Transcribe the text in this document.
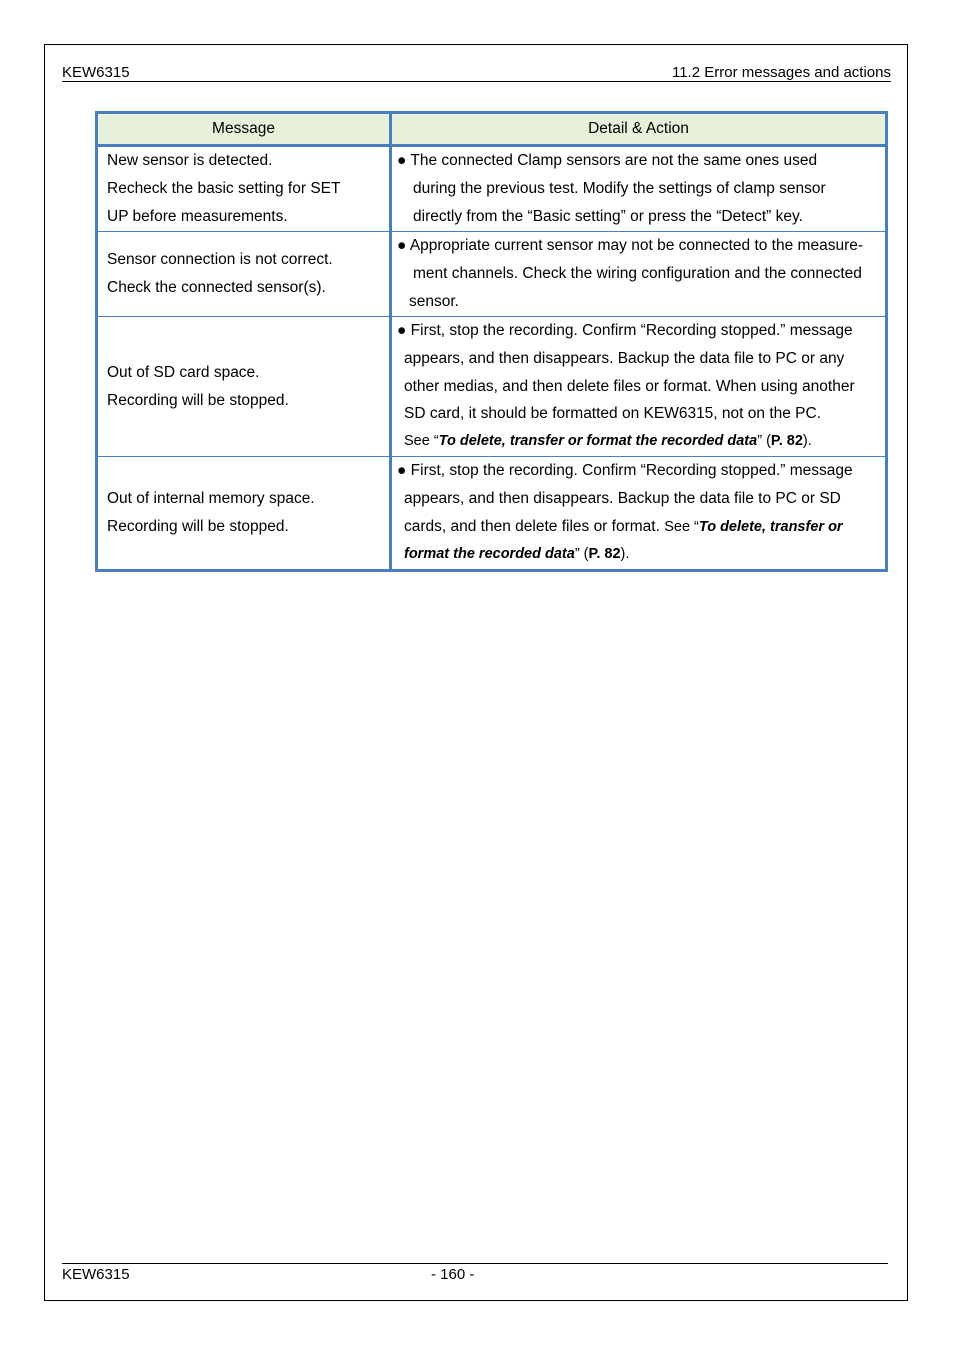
KEW6315	11.2 Error messages and actions
Message	Detail & Action

New sensor is detected.
Recheck the basic setting for SET
UP before measurements.	● The connected Clamp sensors are not the same ones used
during the previous test. Modify the settings of clamp sensor
directly from the “Basic setting” or press the “Detect” key.

Sensor connection is not correct.
Check the connected sensor(s).	● Appropriate current sensor may not be connected to the measure-
ment channels. Check the wiring configuration and the connected
sensor.

Out of SD card space.
Recording will be stopped.	● First, stop the recording. Confirm “Recording stopped.” message
appears, and then disappears. Backup the data file to PC or any
other medias, and then delete files or format. When using another
SD card, it should be formatted on KEW6315, not on the PC.
See “To delete, transfer or format the recorded data” (P. 82).

Out of internal memory space.
Recording will be stopped.	● First, stop the recording. Confirm “Recording stopped.” message
appears, and then disappears. Backup the data file to PC or SD
cards, and then delete files or format. See “To delete, transfer or
format the recorded data” (P. 82).
KEW6315	- 160 -
